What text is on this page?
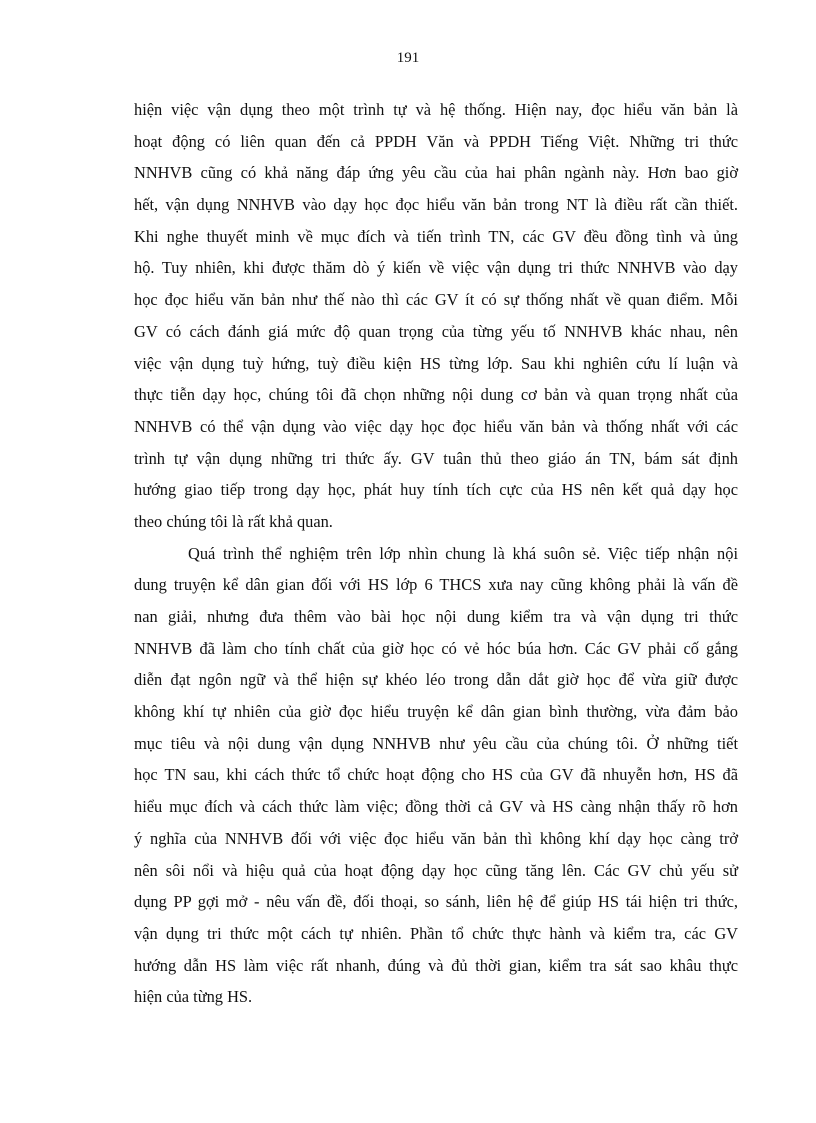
191

hiện việc vận dụng theo một trình tự và hệ thống. Hiện nay, đọc hiểu văn bản là
hoạt động có liên quan đến cả PPDH Văn và PPDH Tiếng Việt. Những tri thức
NNHVB cũng có khả năng đáp ứng yêu cầu của hai phân ngành này. Hơn bao giờ
hết, vận dụng NNHVB vào dạy học đọc hiểu văn bản trong NT là điều rất cần thiết.
Khi nghe thuyết minh về mục đích và tiến trình TN, các GV đều đồng tình và ủng
hộ. Tuy nhiên, khi được thăm dò ý kiến về việc vận dụng tri thức NNHVB vào dạy
học đọc hiểu văn bản như thế nào thì các GV ít có sự thống nhất về quan điểm. Mỗi
GV có cách đánh giá mức độ quan trọng của từng yếu tố NNHVB khác nhau, nên
việc vận dụng tuỳ hứng, tuỳ điều kiện HS từng lớp. Sau khi nghiên cứu lí luận và
thực tiễn dạy học, chúng tôi đã chọn những nội dung cơ bản và quan trọng nhất của
NNHVB có thể vận dụng vào việc dạy học đọc hiểu văn bản và thống nhất với các
trình tự vận dụng những tri thức ấy. GV tuân thủ theo giáo án TN, bám sát định
hướng giao tiếp trong dạy học, phát huy tính tích cực của HS nên kết quả dạy học
theo chúng tôi là rất khả quan.

Quá trình thể nghiệm trên lớp nhìn chung là khá suôn sẻ. Việc tiếp nhận nội
dung truyện kể dân gian đối với HS lớp 6 THCS xưa nay cũng không phải là vấn đề
nan giải, nhưng đưa thêm vào bài học nội dung kiểm tra và vận dụng tri thức
NNHVB đã làm cho tính chất của giờ học có vẻ hóc búa hơn. Các GV phải cố gắng
diễn đạt ngôn ngữ và thể hiện sự khéo léo trong dẫn dắt giờ học để vừa giữ được
không khí tự nhiên của giờ đọc hiểu truyện kể dân gian bình thường, vừa đảm bảo
mục tiêu và nội dung vận dụng NNHVB như yêu cầu của chúng tôi. Ở những tiết
học TN sau, khi cách thức tổ chức hoạt động cho HS của GV đã nhuyễn hơn, HS đã
hiểu mục đích và cách thức làm việc; đồng thời cả GV và HS càng nhận thấy rõ hơn
ý nghĩa của NNHVB đối với việc đọc hiểu văn bản thì không khí dạy học càng trở
nên sôi nổi và hiệu quả của hoạt động dạy học cũng tăng lên. Các GV chủ yếu sử
dụng PP gợi mở - nêu vấn đề, đối thoại, so sánh, liên hệ để giúp HS tái hiện tri thức,
vận dụng tri thức một cách tự nhiên. Phần tổ chức thực hành và kiểm tra, các GV
hướng dẫn HS làm việc rất nhanh, đúng và đủ thời gian, kiểm tra sát sao khâu thực
hiện của từng HS.
